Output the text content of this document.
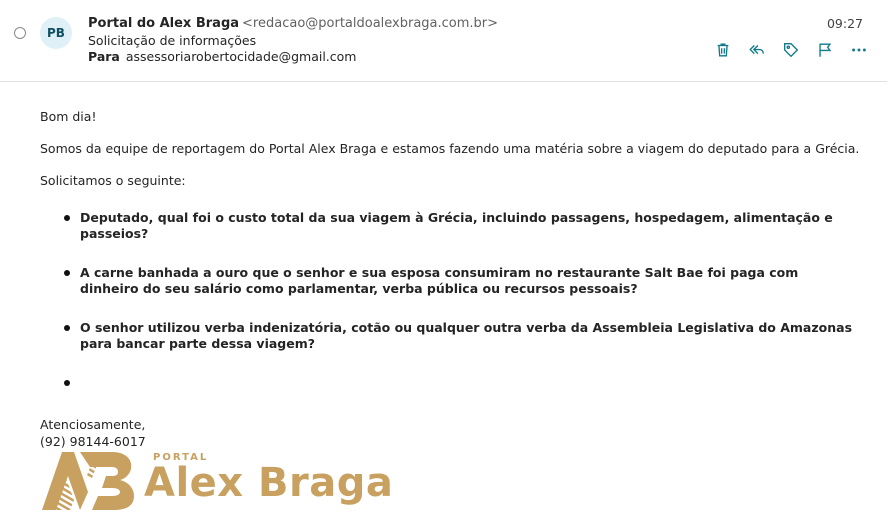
PB
Portal do Alex Braga <redacao@portaldoalexbraga.com.br>
Solicitação de informações
Para assessoriarobertocidade@gmail.com
09:27

Bom dia!

Somos da equipe de reportagem do Portal Alex Braga e estamos fazendo uma matéria sobre a viagem do deputado para a Grécia.

Solicitamos o seguinte:

Deputado, qual foi o custo total da sua viagem à Grécia, incluindo passagens, hospedagem, alimentação e passeios?
A carne banhada a ouro que o senhor e sua esposa consumiram no restaurante Salt Bae foi paga com dinheiro do seu salário como parlamentar, verba pública ou recursos pessoais?
O senhor utilizou verba indenizatória, cotão ou qualquer outra verba da Assembleia Legislativa do Amazonas para bancar parte dessa viagem?
Atenciosamente,
(92) 98144-6017
PORTAL
Alex Braga
